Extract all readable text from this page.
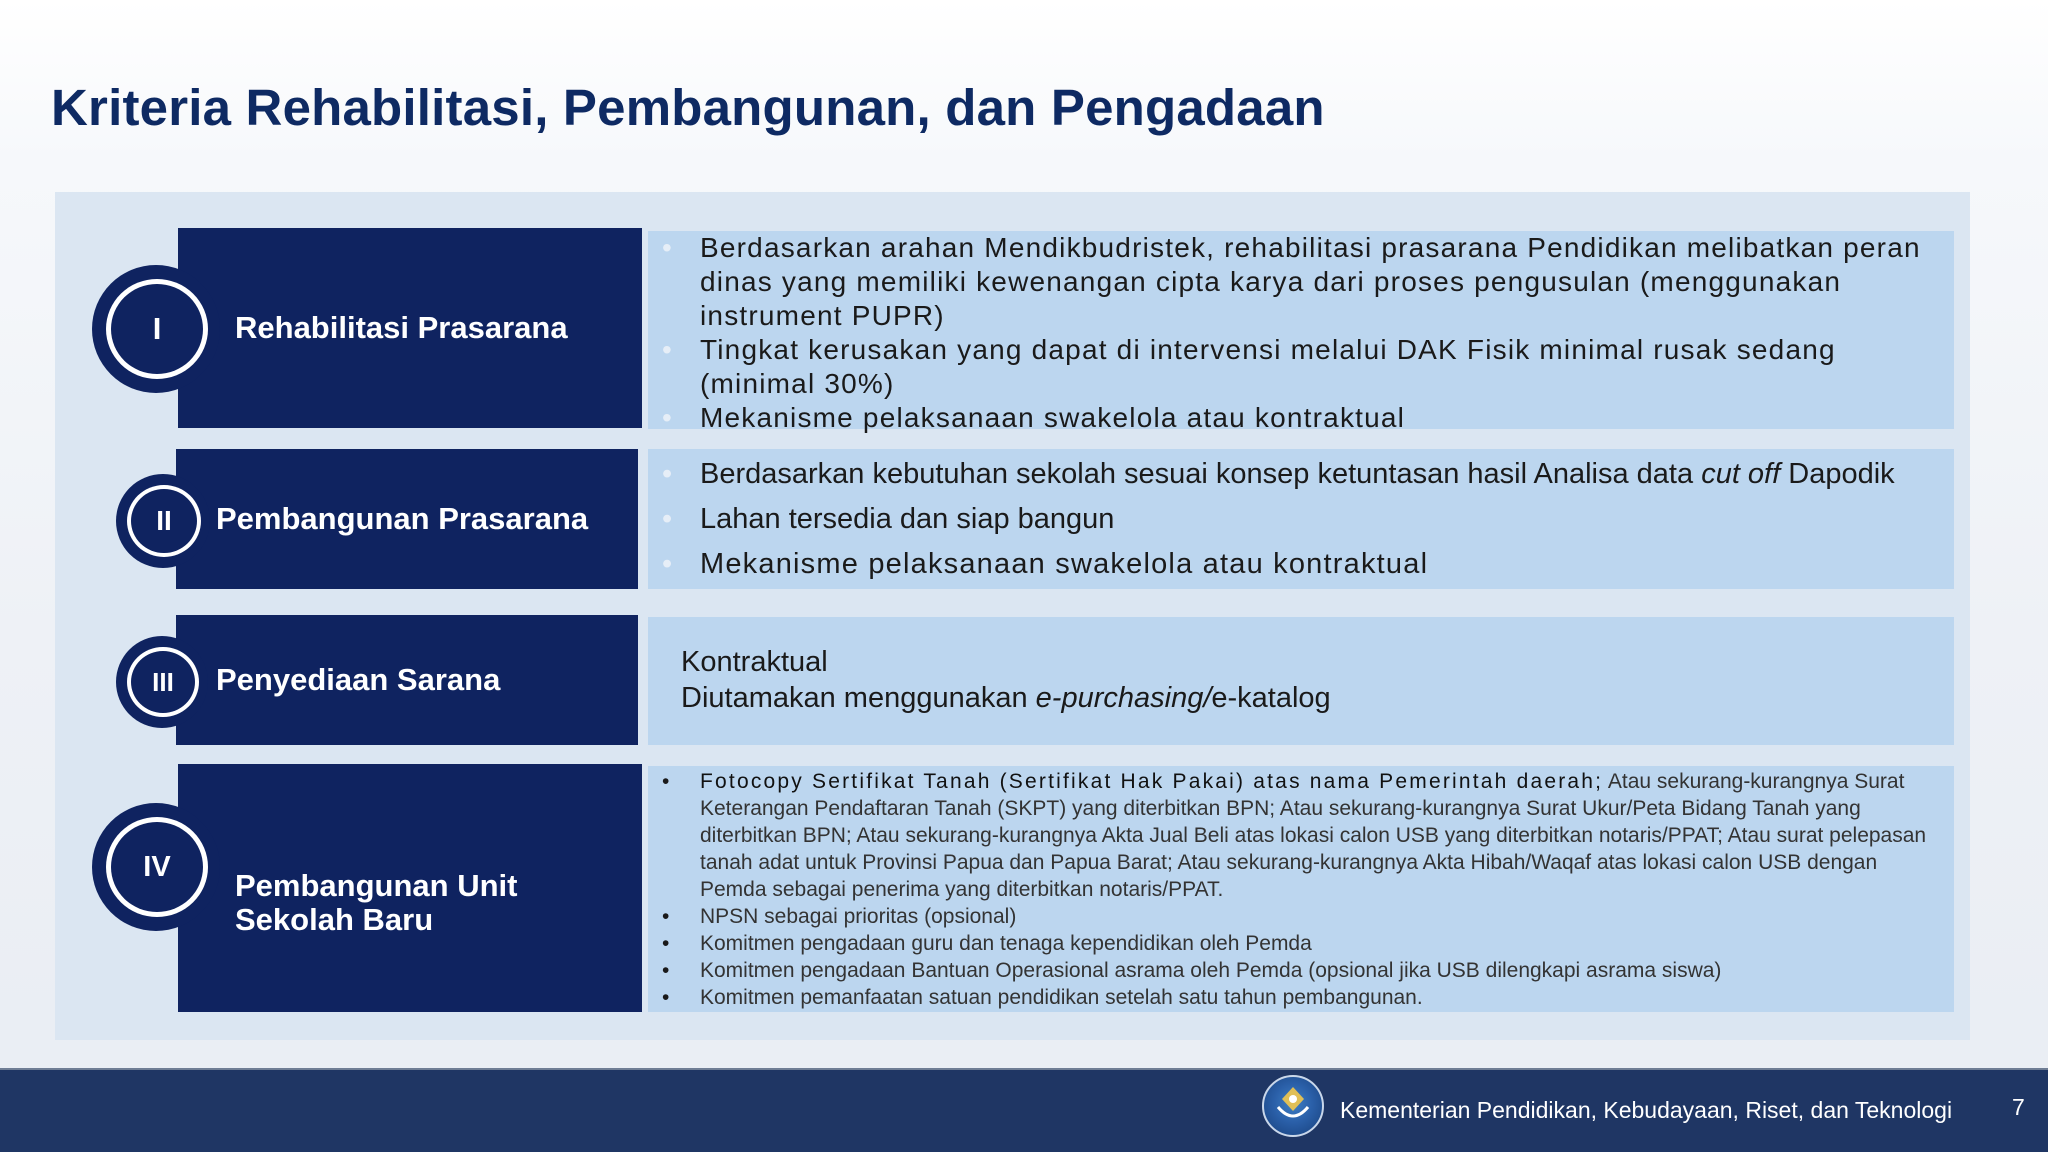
Kriteria Rehabilitasi, Pembangunan, dan Pengadaan
Rehabilitasi Prasarana
I
• Berdasarkan arahan Mendikbudristek, rehabilitasi prasarana Pendidikan melibatkan peran dinas yang memiliki kewenangan cipta karya dari proses pengusulan (menggunakan instrument PUPR)
• Tingkat kerusakan yang dapat di intervensi melalui DAK Fisik minimal rusak sedang (minimal 30%)
• Mekanisme pelaksanaan swakelola atau kontraktual
Pembangunan Prasarana
II
• Berdasarkan kebutuhan sekolah sesuai konsep ketuntasan hasil Analisa data cut off Dapodik
• Lahan tersedia dan siap bangun
• Mekanisme pelaksanaan swakelola atau kontraktual
Penyediaan Sarana
III

Kontraktual

Diutamakan menggunakan e-purchasing/e-katalog

Pembangunan Unit
Sekolah Baru
IV
• Fotocopy Sertifikat Tanah (Sertifikat Hak Pakai) atas nama Pemerintah daerah; Atau sekurang-kurangnya Surat Keterangan Pendaftaran Tanah (SKPT) yang diterbitkan BPN; Atau sekurang-kurangnya Surat Ukur/Peta Bidang Tanah yang diterbitkan BPN; Atau sekurang-kurangnya Akta Jual Beli atas lokasi calon USB yang diterbitkan notaris/PPAT; Atau surat pelepasan tanah adat untuk Provinsi Papua dan Papua Barat; Atau sekurang-kurangnya Akta Hibah/Waqaf atas lokasi calon USB dengan Pemda sebagai penerima yang diterbitkan notaris/PPAT.
• NPSN sebagai prioritas (opsional)
• Komitmen pengadaan guru dan tenaga kependidikan oleh Pemda
• Komitmen pengadaan Bantuan Operasional asrama oleh Pemda (opsional jika USB dilengkapi asrama siswa)
• Komitmen pemanfaatan satuan pendidikan setelah satu tahun pembangunan.
Kementerian Pendidikan, Kebudayaan, Riset, dan Teknologi	7
